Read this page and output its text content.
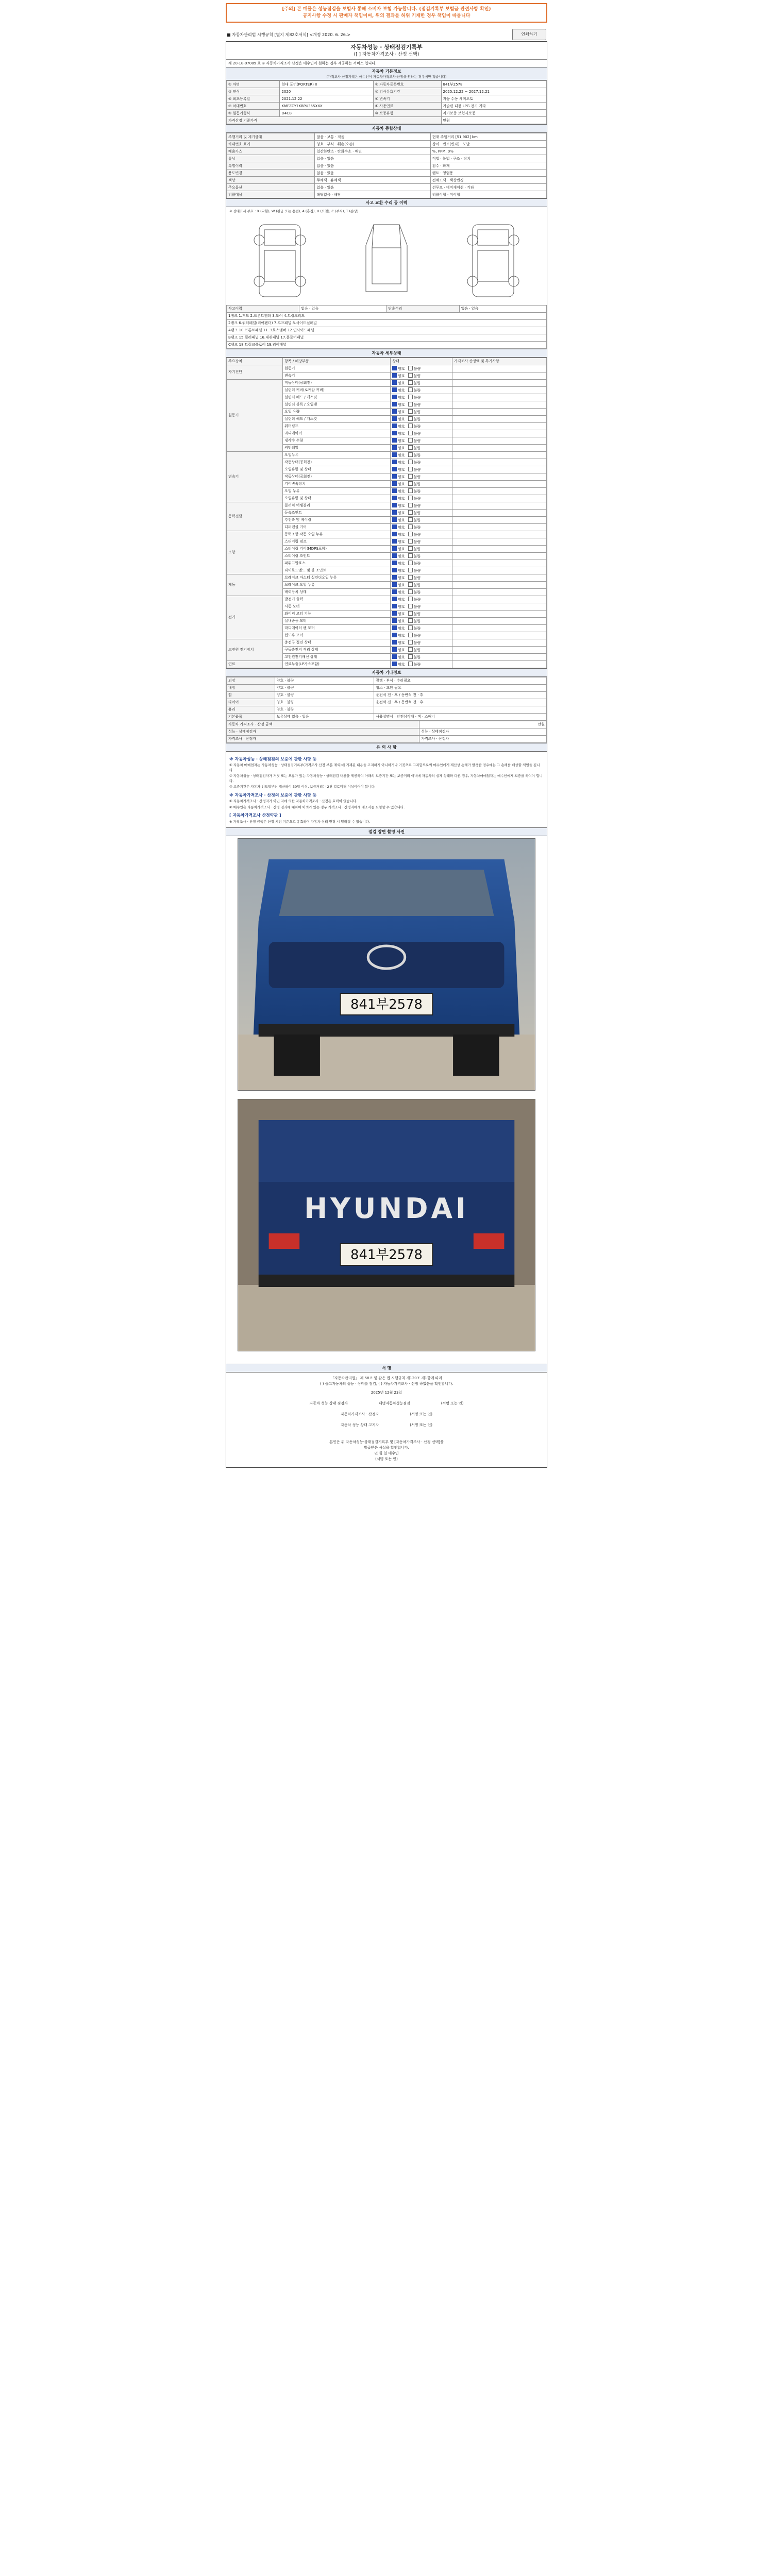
[주의] 본 매물은 성능점검을 보험사 통해 소비자 보험 가능합니다. (점검기록부 보험금 관련사항 확인)
공지사항 수정 시 판매자 책임이며, 위의 결과를 허위 기재한 경우 책임이 따릅니다
■ 자동차관리법 시행규칙 [별지 제82호서식] <개정 2020. 6. 26.>	인쇄하기
자동차성능 · 상태점검기록부
([ ] 자동차가격조사 · 산정 선택)
제 20-18-07089 호 ※ 자동차가격조사 산정은 매수인이 원하는 경우 제공하는 서비스 입니다.
자동차 기본정보
(가격조사 산정가격은 매수인이 자동차가격조사·산정을 원하는 경우에만 적습니다)
① 차명	현대 포터(PORTER) II	② 자동차등록번호	841부2578
③ 연식	2020	④ 검사유효기간	2025.12.22 ~ 2027.12.21
⑤ 최초등록일	2021.12.22	⑥ 변속기	자동 수동 세미오토
⑦ 차대번호	KMFZCY7KBPU355XXX	⑧ 사용연료	가솔린 디젤 LPG 전기 기타
⑨ 원동기형식	D4CB	⑩ 보증유형	자가보증 보험사보증
가격산정 기준가격			만원
자동차 종합상태
주행거리 및 계기상태	많음 · 보통 · 적음	현재 주행거리 [51,902] km
차대번호 표기	양호 · 부식 · 훼손(오손)	상이 · 변조(변타) · 도말
배출가스	일산화탄소 · 탄화수소 · 매연	%, PPM, 0%
튜닝	없음 · 있음	적법 · 불법 · 구조 · 장치
특별이력	없음 · 있음	침수 · 화재
용도변경	없음 · 있음	렌트 · 영업용
색상	무채색 · 유채색	전체도색 · 색상변경
주요옵션	없음 · 있음	썬루프 · 네비게이션 · 기타
리콜대상	해당없음 · 해당	리콜이행 · 미이행
사고 교환 수리 등 이력
※ 상태표시 부호 : X (교환), W (판금 또는 용접), A (흠집), U (요철), C (부식), T (손상)
사고이력	없음 · 있음	단순수리	없음 · 있음
1랭크 1.후드 2.프론트휀더 3.도어 4.트렁크리드
2랭크 6.쿼터패널(리어펜더) 7.루프패널 8.사이드실패널
A랭크 10.프론트패널 11.크로스멤버 12.인사이드패널
B랭크 15.필러패널 16.대쉬패널 17.플로어패널
C랭크 18.트렁크플로어 19.리어패널
자동차 세부상태
주요장치	항목 / 해당부품	상태	가격조사 산정액 및 특기사항
자기진단	원동기	양호 불량	
	변속기	양호 불량	
원동기	작동상태(공회전)	양호 불량	
	실린더 커버(로커암 커버)	양호 불량	
	실린더 헤드 / 개스킷	양호 불량	
	실린더 블록 / 오일팬	양호 불량	
	오일 유량	양호 불량	
	실린더 헤드 / 개스킷	양호 불량	
	워터펌프	양호 불량	
	라디에이터	양호 불량	
	냉각수 수량	양호 불량	
	커먼레일	양호 불량	
변속기	오일누유	양호 불량	
	작동상태(공회전)	양호 불량	
	오일유량 및 상태	양호 불량	
	작동상태(공회전)	양호 불량	
	기어변속장치	양호 불량	
	오일 누유	양호 불량	
	오일유량 및 상태	양호 불량	
동력전달	클러치 어셈블리	양호 불량	
	등속조인트	양호 불량	
	추진축 및 베어링	양호 불량	
	디퍼렌셜 기어	양호 불량	
조향	동력조향 작동 오일 누유	양호 불량	
	스티어링 펌프	양호 불량	
	스티어링 기어(MDPS포함)	양호 불량	
	스티어링 조인트	양호 불량	
	파워고압호스	양호 불량	
	타이로드엔드 및 볼 조인트	양호 불량	
제동	브레이크 마스터 실린더오일 누유	양호 불량	
	브레이크 오일 누유	양호 불량	
	배력장치 상태	양호 불량	
전기	발전기 출력	양호 불량	
	시동 모터	양호 불량	
	와이퍼 모터 기능	양호 불량	
	실내송풍 모터	양호 불량	
	라디에이터 팬 모터	양호 불량	
	윈도우 모터	양호 불량	
고전원 전기장치	충전구 절연 상태	양호 불량	
	구동축전지 격리 상태	양호 불량	
	고전원전기배선 상태	양호 불량	
연료	연료누출(LP가스포함)	양호 불량	
자동차 기타정보
외장	양호 · 불량	광택 · 부식 · 수리필요
내장	양호 · 불량	청소 · 교환 필요
휠	양호 · 불량	운전석 전 · 후 / 동반석 전 · 후
타이어	양호 · 불량	운전석 전 · 후 / 동반석 전 · 후
유리	양호 · 불량	
기본품목	보유상태 없음 · 있음	사용설명서 · 안전삼각대 · 잭 · 스패너
자동차 가격조사 · 산정 금액	만원
성능 · 상태점검자	성능 · 상태점검자
가격조사 · 산정자	가격조사 · 산정자
유 의 사 항
※ 자동차성능 · 상태점검의 보증에 관한 사항 등

① 자동차 매매업자는 자동차성능 · 상태점검기록부(가격조사 산정 부분 제외)에 기재된 내용을 고지하지 아니하거나 거짓으로 고지함으로써 매수인에게 재산상 손해가 발생한 경우에는 그 손해를 배상할 책임을 집니다.

② 자동차성능 · 상태점검자가 거짓 또는 오류가 있는 자동차성능 · 상태점검 내용을 제공하여 아래의 보증기간 또는 보증거리 이내에 자동차의 실제 상태와 다른 경우, 자동차매매업자는 매수인에게 보증을 하여야 합니다.

③ 보증기간은 자동차 인도일부터 계산하여 30일 이상, 보증거리는 2천 킬로미터 이상이어야 합니다.

※ 자동차가격조사 · 산정의 보증에 관한 사항 등

① 자동차가격조사 · 산정자가 아닌 자에 의한 자동차가격조사 · 산정은 효력이 없습니다.

② 매수인은 자동차가격조사 · 산정 결과에 대하여 이의가 있는 경우 가격조사 · 산정자에게 재조사를 요청할 수 있습니다.

[ 자동차가격조사 산정약관 ]

※ 가격조사 · 산정 금액은 산정 시점 기준으로 유효하며 자동차 상태 변경 시 달라질 수 있습니다.

점검 장면 촬영 사진
841부2578
HYUNDAI
841부2578
서 명
「자동차관리법」 제 58조 및 같은 법 시행규칙 제120조 제1항에 따라
( ) 중고자동차의 성능 · 상태를 점검, ( ) 자동차가격조사 · 산정 하였음을 확인합니다.
2025년 12월 23일
자동차 성능 상태 점검자	대명자동차성능점검	(서명 또는 인)
자동차가격조사 · 산정자	(서명 또는 인)
자동차 성능 상태 고지자	(서명 또는 인)
본인은 위 자동차성능·상태점검기록부 및 [자동차가격조사 · 산정 선택]을
발급받은 사실을 확인합니다.
년 월 일 매수인
(서명 또는 인)
